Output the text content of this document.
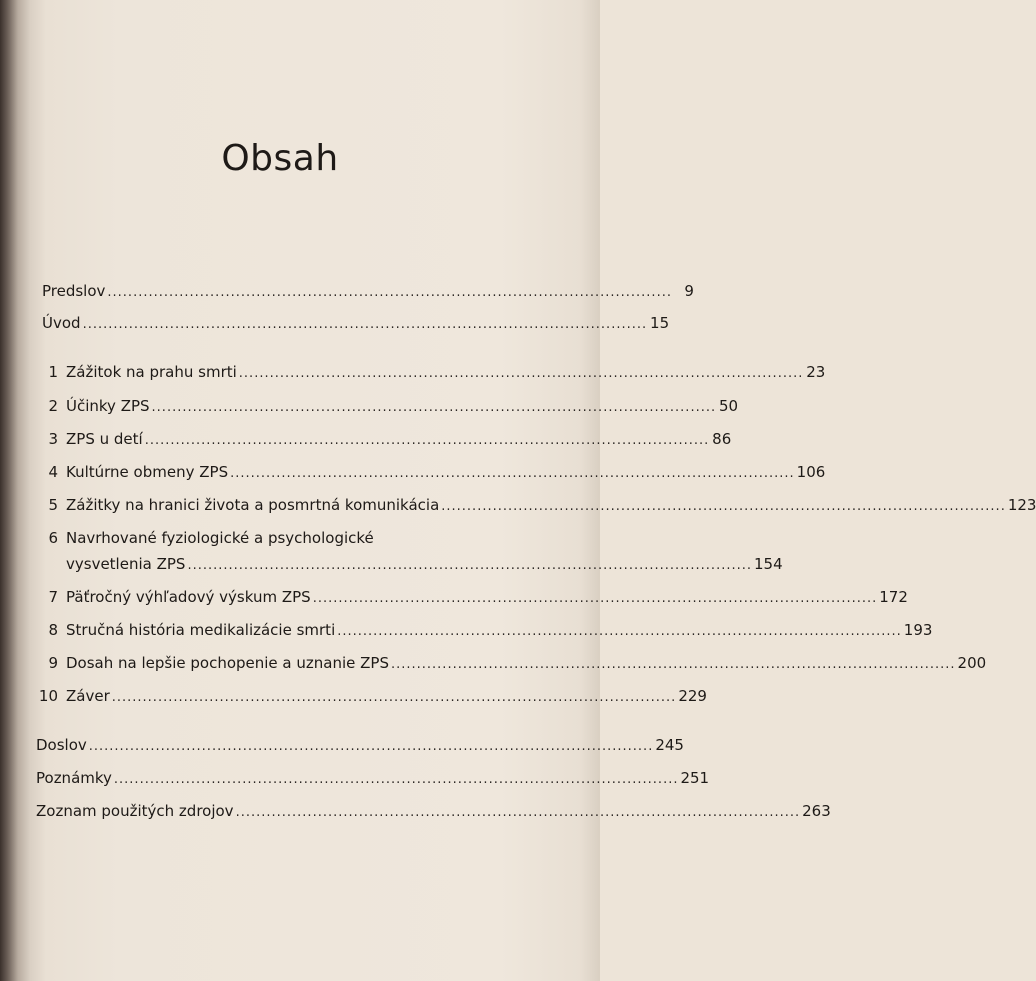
Obsah
Predslov .............................................................................................................. 9
Úvod .............................................................................................................. 15
1 Zážitok na prahu smrti .............................................................................................................. 23
2 Účinky ZPS .............................................................................................................. 50
3 ZPS u detí .............................................................................................................. 86
4 Kultúrne obmeny ZPS .............................................................................................................. 106
5 Zážitky na hranici života a posmrtná komunikácia .............................................................................................................. 123
6 Navrhované fyziologické a psychologické
vysvetlenia ZPS .............................................................................................................. 154
7 Päťročný výhľadový výskum ZPS .............................................................................................................. 172
8 Stručná história medikalizácie smrti .............................................................................................................. 193
9 Dosah na lepšie pochopenie a uznanie ZPS .............................................................................................................. 200
10 Záver .............................................................................................................. 229
Doslov .............................................................................................................. 245
Poznámky .............................................................................................................. 251
Zoznam použitých zdrojov .............................................................................................................. 263
